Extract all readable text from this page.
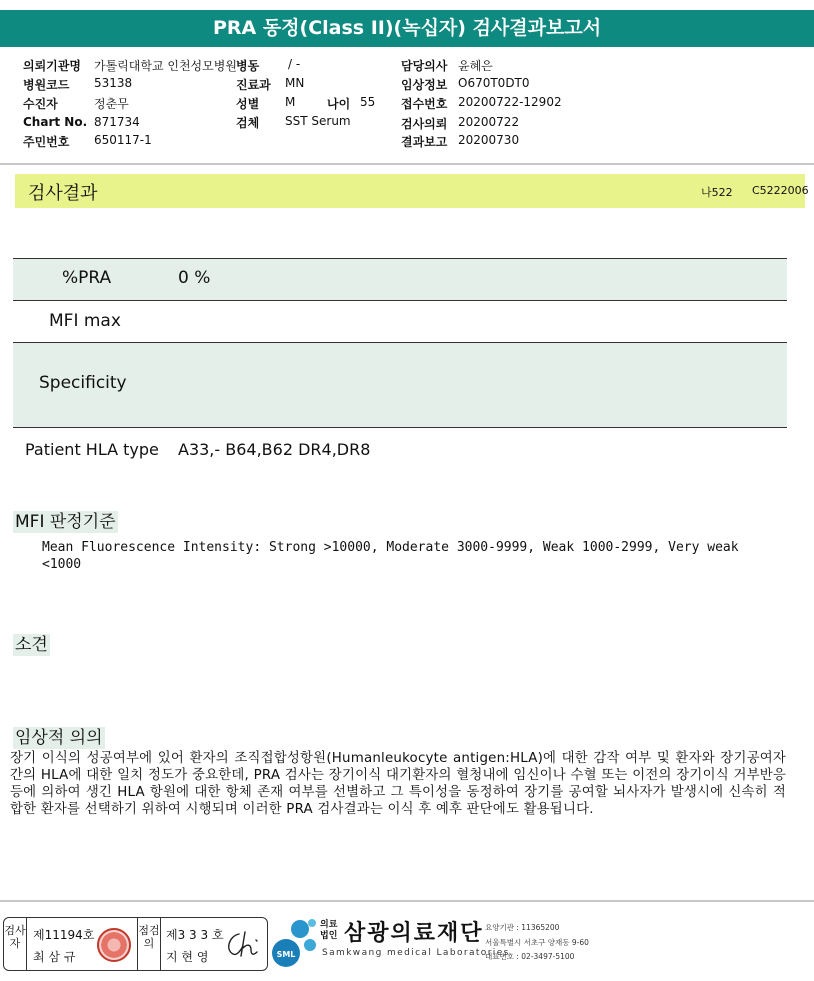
PRA 동정(Class II)(녹십자) 검사결과보고서
의뢰기관명 가톨릭대학교 인천성모병원 병동 / -	담당의사 윤혜은
병원코드 53138	진료과 MN	임상정보 O670T0DT0
수진자	정춘무	성별 M	나이 55 접수번호 20200722-12902
Chart No. 871734	검체 SST Serum	검사의뢰 20200722
주민번호 650117-1	결과보고 20200730
검사결과	나522 C5222006
%PRA	0 %
MFI max
Specificity
Patient HLA type A33,- B64,B62 DR4,DR8
MFI 판정기준
Mean Fluorescence Intensity: Strong >10000, Moderate 3000-9999, Weak 1000-2999, Very weak
<1000
소견
임상적 의의
장기 이식의 성공여부에 있어 환자의 조직접합성항원(Humanleukocyte antigen:HLA)에 대한 감작 여부 및 환자와 장기공여자간의 HLA에 대한 일치 정도가 중요한데, PRA 검사는 장기이식 대기환자의 혈청내에 임신이나 수혈 또는 이전의 장기이식 거부반응 등에 의하여 생긴 HLA 항원에 대한 항체 존재 여부를 선별하고 그 특이성을 동정하여 장기를 공여할 뇌사자가 발생시에 신속히 적합한 환자를 선택하기 위하여 시행되며 이러한 PRA 검사결과는 이식 후 예후 판단에도 활용됩니다.
검사자
제11194호
최 삼 규
점검의
제3 3 3 호
지 현 영	SML
의료법인 삼광의료재단
Samkwang medical Laboratories
요양기관 : 11365200
서울특별시 서초구 양재동 9-60
대표번호 : 02-3497-5100
